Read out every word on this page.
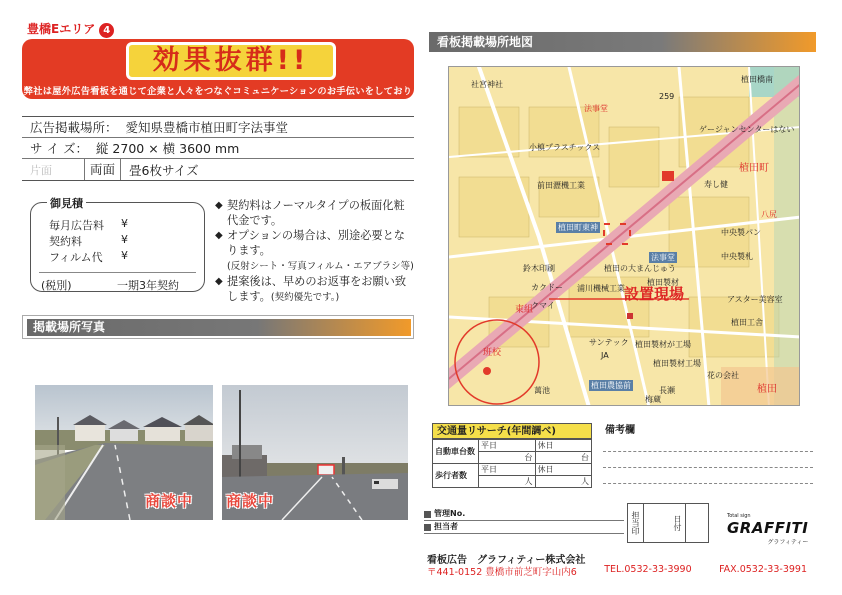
豊橋Eエリア 4
効果抜群!!
弊社は屋外広告看板を通じて企業と人々をつなぐコミュニケーションのお手伝いをしております。
広告掲載場所： 愛知県豊橋市植田町字法事堂
サ イ ズ： 縦 2700 × 横 3600 mm
片面	両面	畳6枚サイズ
御見積
毎月広告料 ¥
契約料	¥
フィルム代 ¥
(税別)	一期3年契約
◆ 契約料はノーマルタイプの板面化粧代金です。
◆ オプションの場合は、別途必要となります。
(反射シート・写真フィルム・エアブラシ等)
◆ 提案後は、早めのお返事をお願い致します。(契約優先です。)
掲載場所写真
商談中 商談中
看板掲載場所地図
社宮神社
植田橋南
法事堂
ゲージャンセンターはない
259
小槙プラスチックス
植田町
寿し健
前田瀝機工業
八尻
植田町東神
法事堂
中央製パン
中央製札
植田の大まんじゅう
鈴木印刷
浦川機械工業
カクドー
植田製材
アスター美容室
クマイ
設置現場
東組
植田工舎
班校
サンテック 植田製材が工場
植田製材工場
JA
植田農協前
長瀬
萬池	植田
花の会社
梅蔵
交通量リサーチ(年間調べ)
自動車台数	平日	休日
	台	台
歩行者数	平日	休日
	人	人
備考欄
管理No.
担当者	担当印	日付	Total sign
GRAFFITI
グラフィティー
看板広告　グラフィティー株式会社
〒441-0152 豊橋市前芝町字山内6	TEL.0532-33-3990	FAX.0532-33-3991
